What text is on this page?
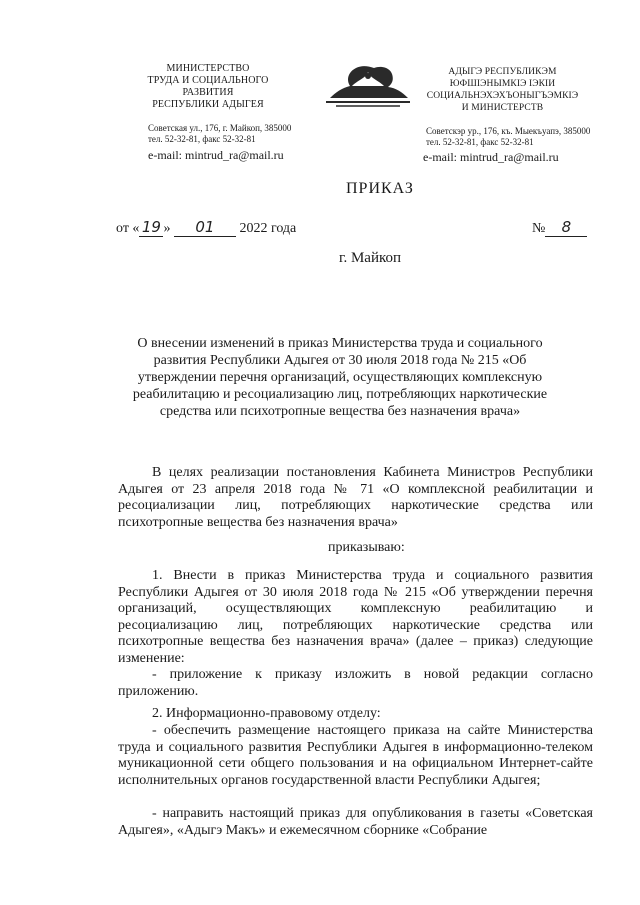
МИНИСТЕРСТВО
ТРУДА И СОЦИАЛЬНОГО
РАЗВИТИЯ
РЕСПУБЛИКИ АДЫГЕЯ
АДЫГЭ РЕСПУБЛИКЭМ
ЮФШІЭНЫМКІЭ ІЭКІИ
СОЦИАЛЬНЭХЭХЪОНЫГЪЭМКІЭ
И МИНИСТЕРСТВ
Советская ул., 176, г. Майкоп, 385000
тел. 52-32-81, факс 52-32-81
e-mail: mintrud_ra@mail.ru
Советскэр ур., 176, къ. Мыекъуапэ, 385000
тел. 52-32-81, факс 52-32-81
e-mail: mintrud_ra@mail.ru
ПРИКАЗ
от « 19 » 01 2022 года	№ 8
г. Майкоп
О внесении изменений в приказ Министерства труда и социального развития Республики Адыгея от 30 июля 2018 года № 215 «Об утверждении перечня организаций, осуществляющих комплексную реабилитацию и ресоциализацию лиц, потребляющих наркотические средства или психотропные вещества без назначения врача»
В целях реализации постановления Кабинета Министров Республики Адыгея от 23 апреля 2018 года № 71 «О комплексной реабилитации и ресоциализации лиц, потребляющих наркотические средства или психотропные вещества без назначения врача»
приказываю:
1. Внести в приказ Министерства труда и социального развития Республики Адыгея от 30 июля 2018 года № 215 «Об утверждении перечня организаций, осуществляющих комплексную реабилитацию и ресоциализацию лиц, потребляющих наркотические средства или психотропные вещества без назначения врача» (далее – приказ) следующие изменение:
- приложение к приказу изложить в новой редакции согласно приложению.
2. Информационно-правовому отделу:
- обеспечить размещение настоящего приказа на сайте Министерства труда и социального развития Республики Адыгея в информационно-телеком муникационной сети общего пользования и на официальном Интернет-сайте исполнительных органов государственной власти Республики Адыгея;
- направить настоящий приказ для опубликования в газеты «Советская Адыгея», «Адыгэ Макъ» и ежемесячном сборнике «Собрание
